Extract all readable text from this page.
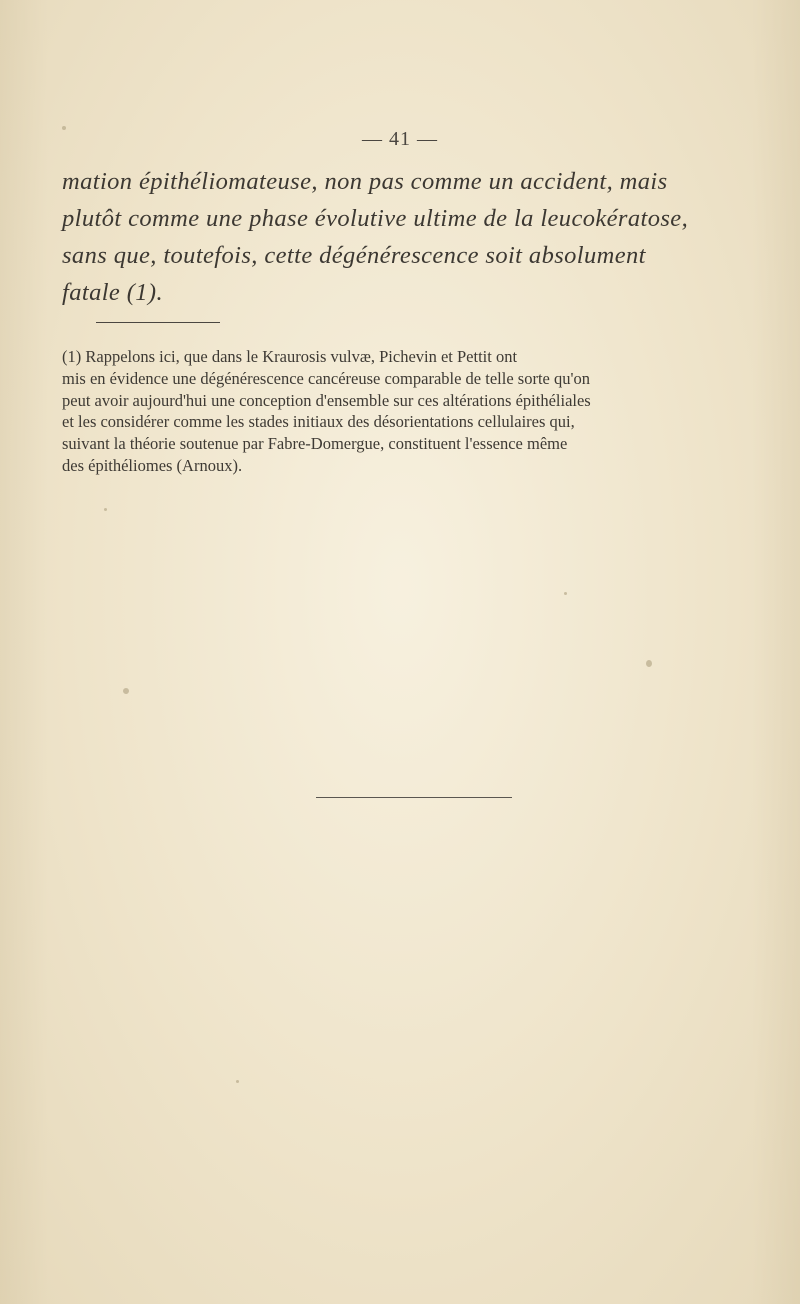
— 41 —

mation épithéliomateuse, non pas comme un accident, mais
plutôt comme une phase évolutive ultime de la leucokératose,
sans que, toutefois, cette dégénérescence soit absolument
fatale (1).

(1) Rappelons ici, que dans le Kraurosis vulvæ, Pichevin et Pettit ont
mis en évidence une dégénérescence cancéreuse comparable de telle sorte qu'on
peut avoir aujourd'hui une conception d'ensemble sur ces altérations épithéliales
et les considérer comme les stades initiaux des désorientations cellulaires qui,
suivant la théorie soutenue par Fabre-Domergue, constituent l'essence même
des épithéliomes (Arnoux).
